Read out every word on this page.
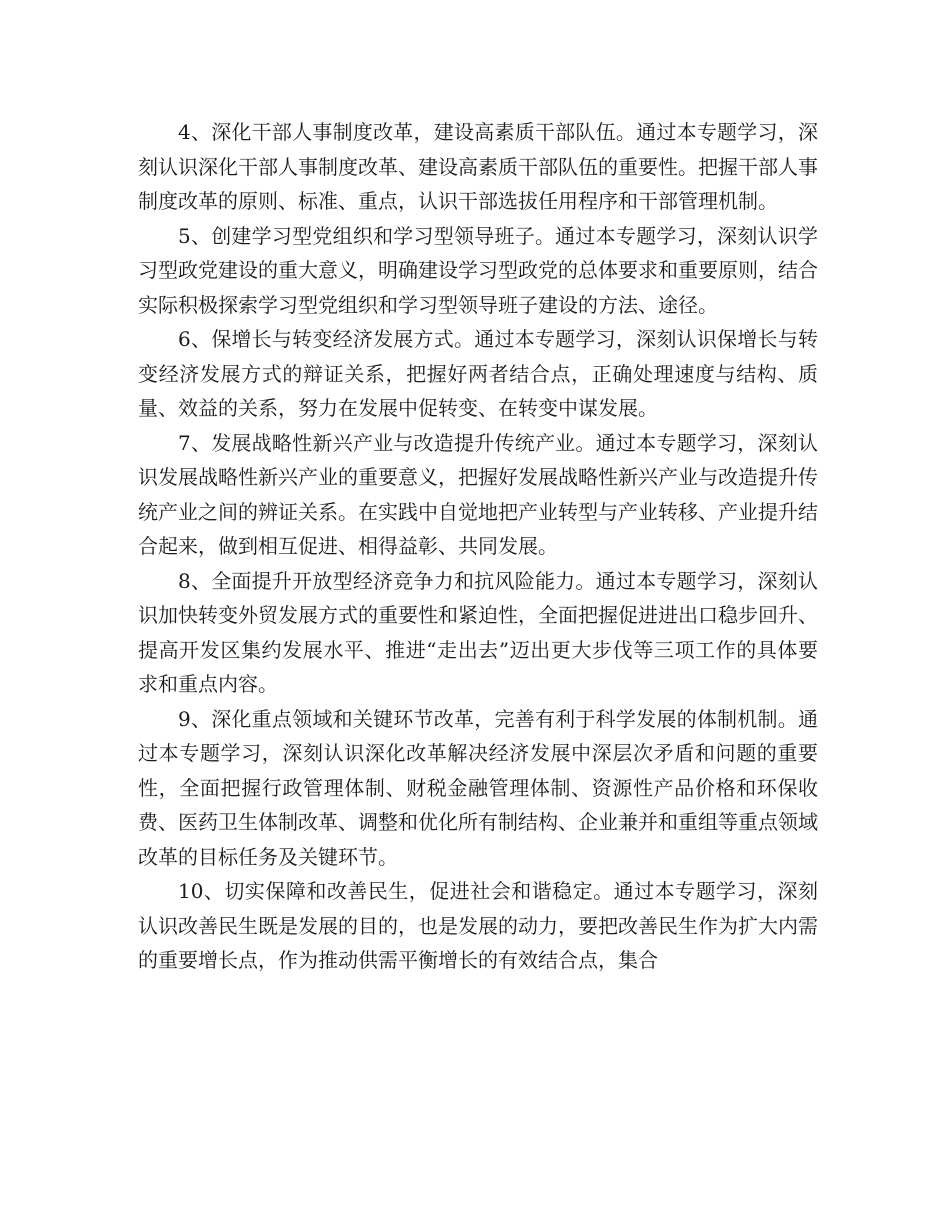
4、深化干部人事制度改革，建设高素质干部队伍。通过本专题学习，深刻认识深化干部人事制度改革、建设高素质干部队伍的重要性。把握干部人事制度改革的原则、标准、重点，认识干部选拔任用程序和干部管理机制。

5、创建学习型党组织和学习型领导班子。通过本专题学习，深刻认识学习型政党建设的重大意义，明确建设学习型政党的总体要求和重要原则，结合实际积极探索学习型党组织和学习型领导班子建设的方法、途径。

6、保增长与转变经济发展方式。通过本专题学习，深刻认识保增长与转变经济发展方式的辩证关系，把握好两者结合点，正确处理速度与结构、质量、效益的关系，努力在发展中促转变、在转变中谋发展。

7、发展战略性新兴产业与改造提升传统产业。通过本专题学习，深刻认识发展战略性新兴产业的重要意义，把握好发展战略性新兴产业与改造提升传统产业之间的辨证关系。在实践中自觉地把产业转型与产业转移、产业提升结合起来，做到相互促进、相得益彰、共同发展。

8、全面提升开放型经济竞争力和抗风险能力。通过本专题学习，深刻认识加快转变外贸发展方式的重要性和紧迫性，全面把握促进进出口稳步回升、提高开发区集约发展水平、推进“走出去”迈出更大步伐等三项工作的具体要求和重点内容。

9、深化重点领域和关键环节改革，完善有利于科学发展的体制机制。通过本专题学习，深刻认识深化改革解决经济发展中深层次矛盾和问题的重要性，全面把握行政管理体制、财税金融管理体制、资源性产品价格和环保收费、医药卫生体制改革、调整和优化所有制结构、企业兼并和重组等重点领域改革的目标任务及关键环节。

10、切实保障和改善民生，促进社会和谐稳定。通过本专题学习，深刻认识改善民生既是发展的目的，也是发展的动力，要把改善民生作为扩大内需的重要增长点，作为推动供需平衡增长的有效结合点，集合
